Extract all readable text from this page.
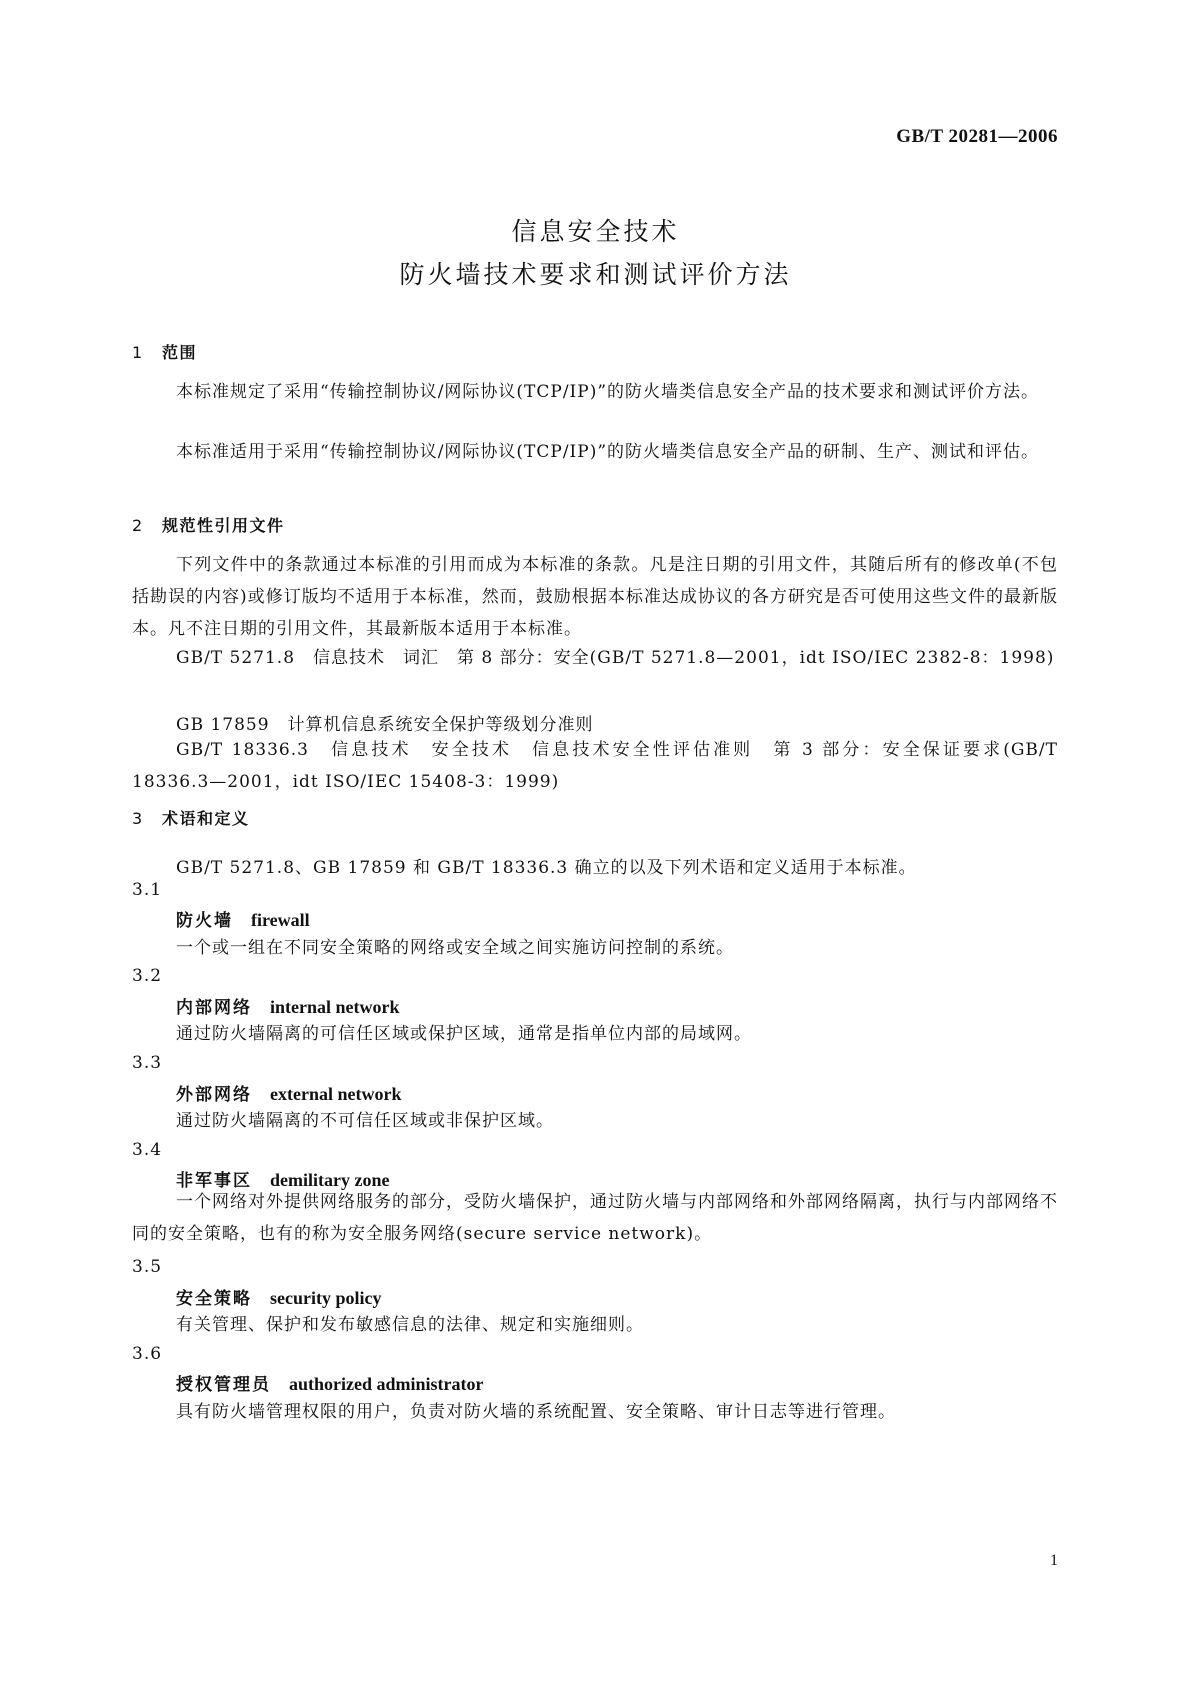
GB/T 20281—2006
信息安全技术
防火墙技术要求和测试评价方法
1 范围
本标准规定了采用“传输控制协议/网际协议(TCP/IP)”的防火墙类信息安全产品的技术要求和测试评价方法。
本标准适用于采用“传输控制协议/网际协议(TCP/IP)”的防火墙类信息安全产品的研制、生产、测试和评估。
2 规范性引用文件
下列文件中的条款通过本标准的引用而成为本标准的条款。凡是注日期的引用文件，其随后所有的修改单(不包括勘误的内容)或修订版均不适用于本标准，然而，鼓励根据本标准达成协议的各方研究是否可使用这些文件的最新版本。凡不注日期的引用文件，其最新版本适用于本标准。
GB/T 5271.8　信息技术　词汇　第 8 部分：安全(GB/T 5271.8—2001，idt ISO/IEC 2382-8：1998)
GB 17859　计算机信息系统安全保护等级划分准则
GB/T 18336.3　信息技术　安全技术　信息技术安全性评估准则　第 3 部分：安全保证要求(GB/T 18336.3—2001，idt ISO/IEC 15408-3：1999)
3 术语和定义
GB/T 5271.8、GB 17859 和 GB/T 18336.3 确立的以及下列术语和定义适用于本标准。
3.1
防火墙 firewall
一个或一组在不同安全策略的网络或安全域之间实施访问控制的系统。
3.2
内部网络 internal network
通过防火墙隔离的可信任区域或保护区域，通常是指单位内部的局域网。
3.3
外部网络 external network
通过防火墙隔离的不可信任区域或非保护区域。
3.4
非军事区 demilitary zone
一个网络对外提供网络服务的部分，受防火墙保护，通过防火墙与内部网络和外部网络隔离，执行与内部网络不同的安全策略，也有的称为安全服务网络(secure service network)。
3.5
安全策略 security policy
有关管理、保护和发布敏感信息的法律、规定和实施细则。
3.6
授权管理员 authorized administrator
具有防火墙管理权限的用户，负责对防火墙的系统配置、安全策略、审计日志等进行管理。
1
